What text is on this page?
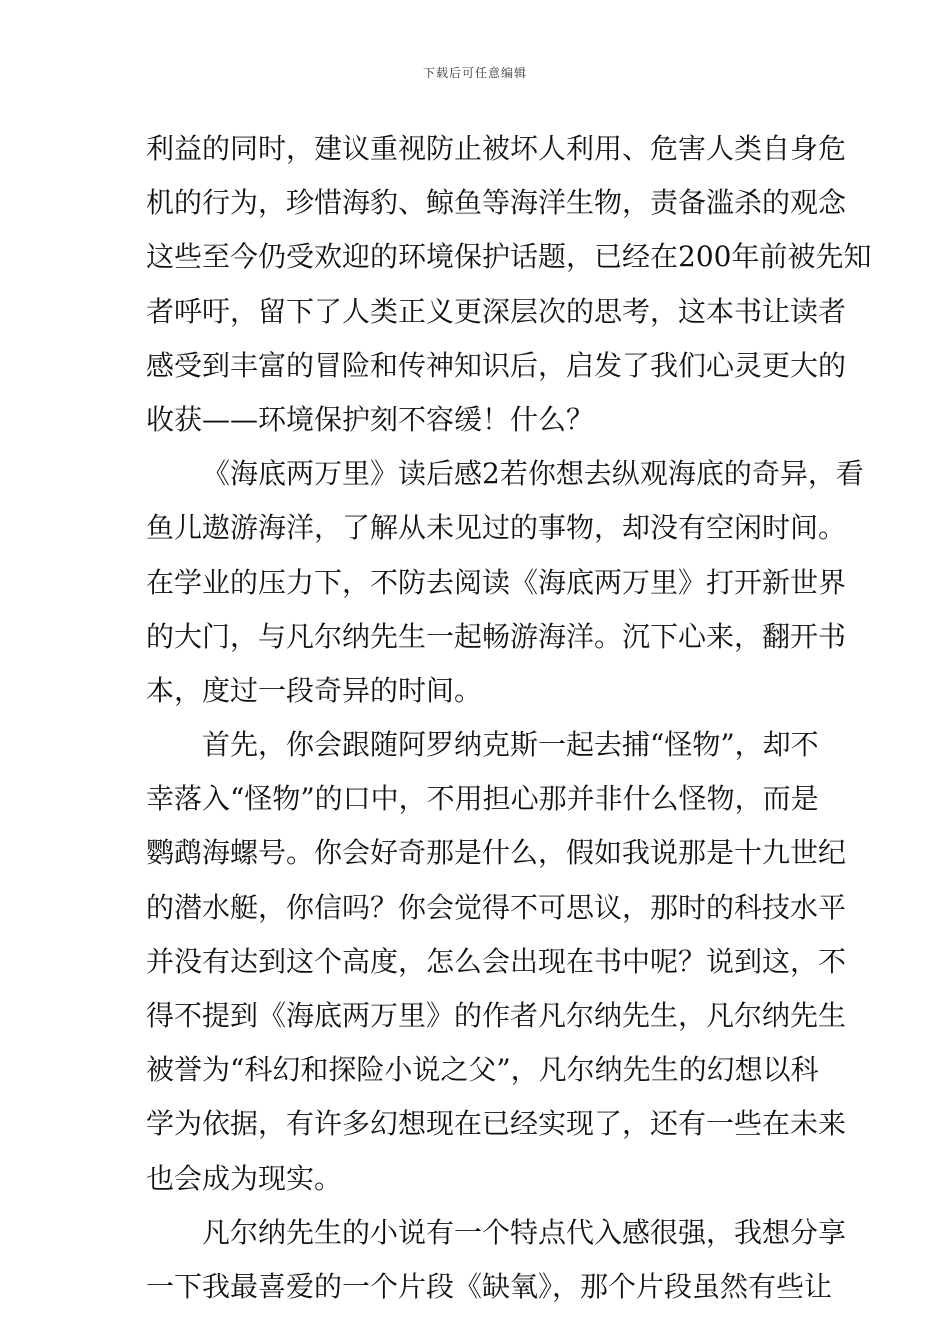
下载后可任意编辑
利益的同时，建议重视防止被坏人利用、危害人类自身危
机的行为，珍惜海豹、鲸鱼等海洋生物，责备滥杀的观念
这些至今仍受欢迎的环境保护话题，已经在200年前被先知
者呼吁，留下了人类正义更深层次的思考，这本书让读者
感受到丰富的冒险和传神知识后，启发了我们心灵更大的
收获——环境保护刻不容缓！什么？
《海底两万里》读后感2若你想去纵观海底的奇异，看
鱼儿遨游海洋，了解从未见过的事物，却没有空闲时间。
在学业的压力下，不防去阅读《海底两万里》打开新世界
的大门，与凡尔纳先生一起畅游海洋。沉下心来，翻开书
本，度过一段奇异的时间。
首先，你会跟随阿罗纳克斯一起去捕“怪物”，却不
幸落入“怪物”的口中，不用担心那并非什么怪物，而是
鹦鹉海螺号。你会好奇那是什么，假如我说那是十九世纪
的潜水艇，你信吗？你会觉得不可思议，那时的科技水平
并没有达到这个高度，怎么会出现在书中呢？说到这，不
得不提到《海底两万里》的作者凡尔纳先生，凡尔纳先生
被誉为“科幻和探险小说之父”，凡尔纳先生的幻想以科
学为依据，有许多幻想现在已经实现了，还有一些在未来
也会成为现实。
凡尔纳先生的小说有一个特点代入感很强，我想分享
一下我最喜爱的一个片段《缺氧》，那个片段虽然有些让
